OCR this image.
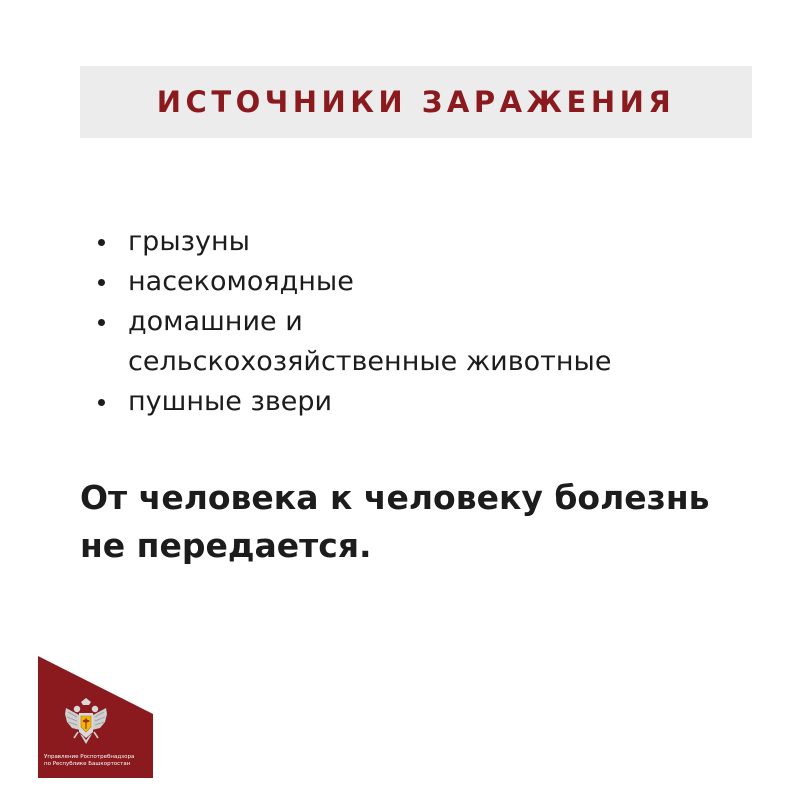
ИСТОЧНИКИ ЗАРАЖЕНИЯ
грызуны
насекомоядные
домашние и
сельскохозяйственные животные
пушные звери
От человека к человеку болезнь
не передается.
Управление Роспотребнадзора
по Республике Башкортостан
